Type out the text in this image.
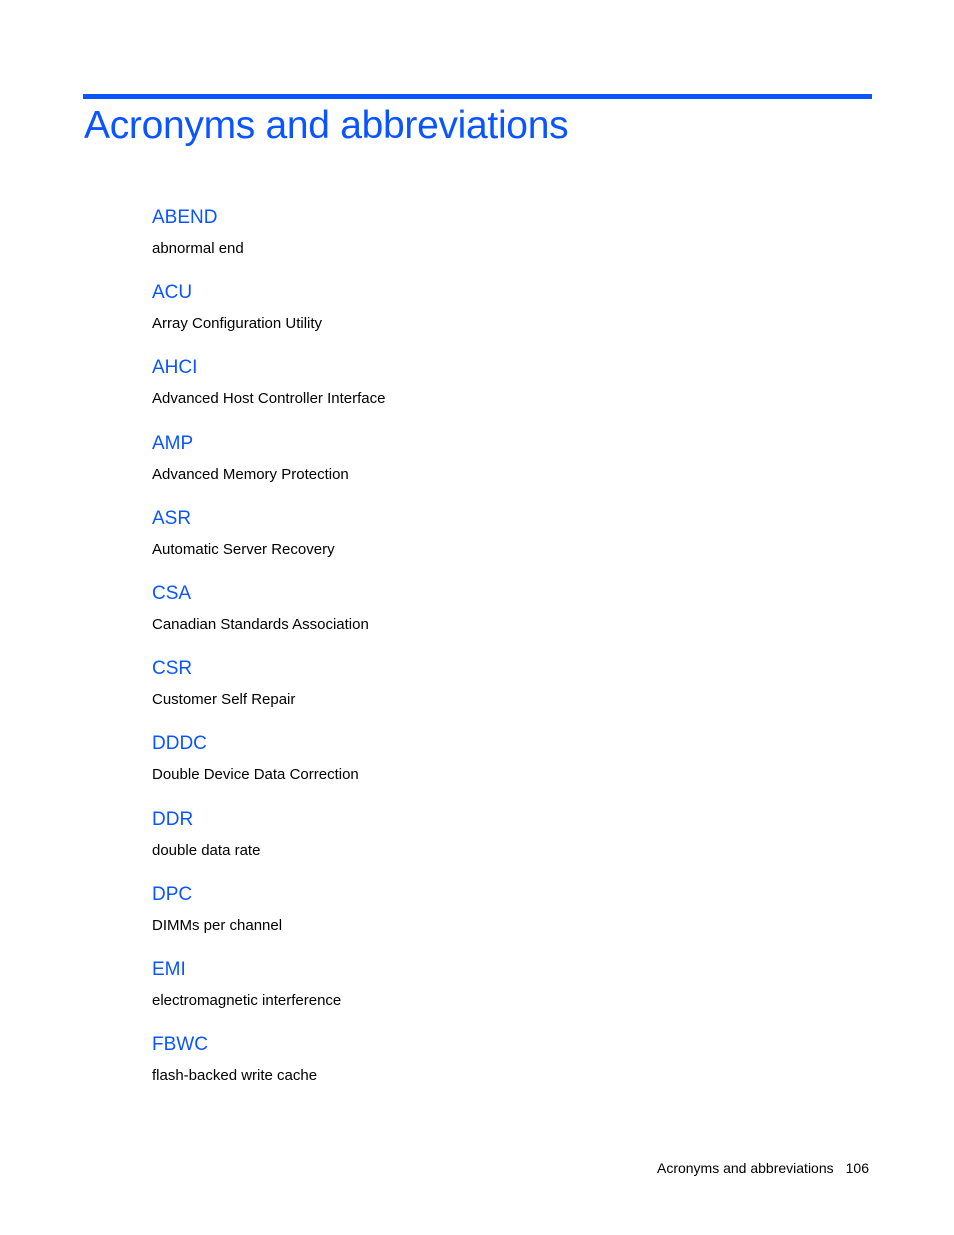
Acronyms and abbreviations
ABEND
abnormal end
ACU
Array Configuration Utility
AHCI
Advanced Host Controller Interface
AMP
Advanced Memory Protection
ASR
Automatic Server Recovery
CSA
Canadian Standards Association
CSR
Customer Self Repair
DDDC
Double Device Data Correction
DDR
double data rate
DPC
DIMMs per channel
EMI
electromagnetic interference
FBWC
flash-backed write cache
Acronyms and abbreviations 106
